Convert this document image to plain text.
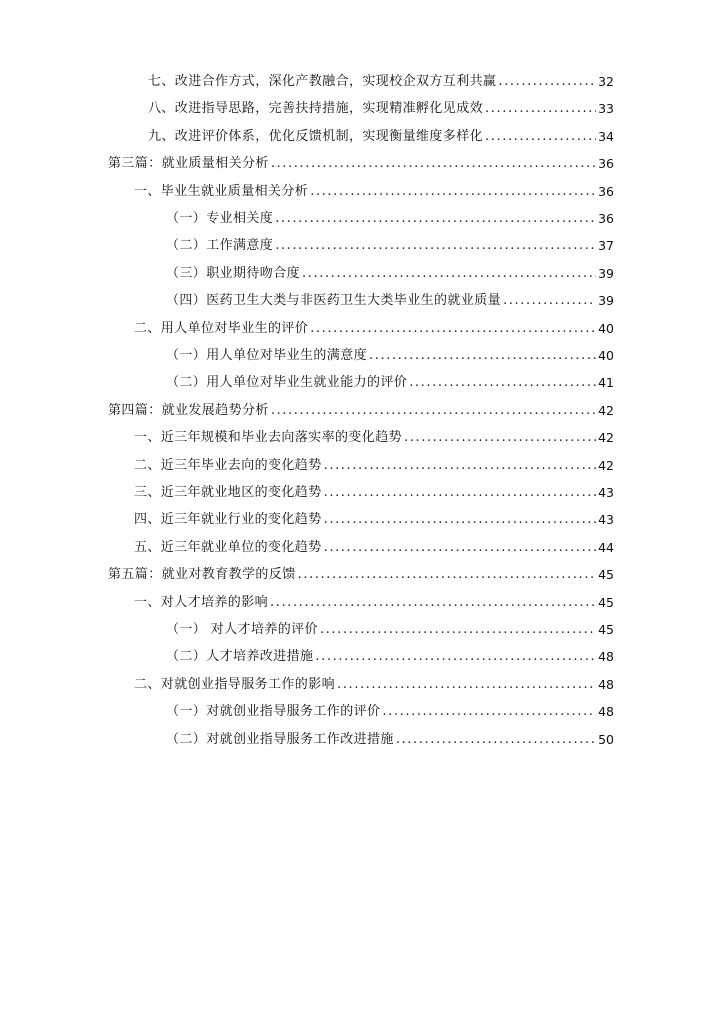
七、改进合作方式，深化产教融合，实现校企双方互利共赢 .....	32
八、改进指导思路，完善扶持措施，实现精准孵化见成效 .....	33
九、改进评价体系，优化反馈机制，实现衡量维度多样化 .....	34
第三篇：就业质量相关分析 .....	36
一、毕业生就业质量相关分析 .....	36
（一）专业相关度 .....	36
（二）工作满意度 .....	37
（三）职业期待吻合度 .....	39
（四）医药卫生大类与非医药卫生大类毕业生的就业质量 .....	39
二、用人单位对毕业生的评价 .....	40
（一）用人单位对毕业生的满意度 .....	40
（二）用人单位对毕业生就业能力的评价 .....	41
第四篇：就业发展趋势分析 .....	42
一、近三年规模和毕业去向落实率的变化趋势 .....	42
二、近三年毕业去向的变化趋势 .....	42
三、近三年就业地区的变化趋势 .....	43
四、近三年就业行业的变化趋势 .....	43
五、近三年就业单位的变化趋势 .....	44
第五篇：就业对教育教学的反馈 .....	45
一、对人才培养的影响 .....	45
（一） 对人才培养的评价 .....	45
（二）人才培养改进措施 .....	48
二、对就创业指导服务工作的影响 .....	48
（一）对就创业指导服务工作的评价 .....	48
（二）对就创业指导服务工作改进措施 .....	50
